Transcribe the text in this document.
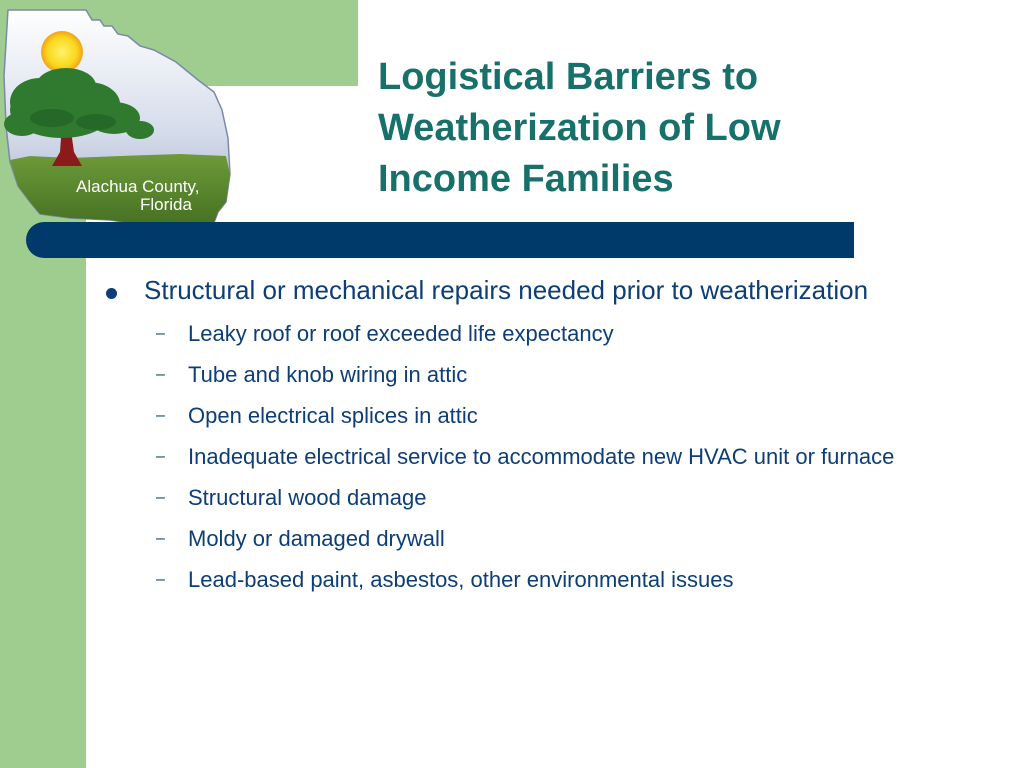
Alachua County,
Florida
Logistical Barriers to Weatherization of Low Income Families
Structural or mechanical repairs needed prior to weatherization
– Leaky roof or roof exceeded life expectancy
– Tube and knob wiring in attic
– Open electrical splices in attic
– Inadequate electrical service to accommodate new HVAC unit or furnace
– Structural wood damage
– Moldy or damaged drywall
– Lead-based paint, asbestos, other environmental issues
